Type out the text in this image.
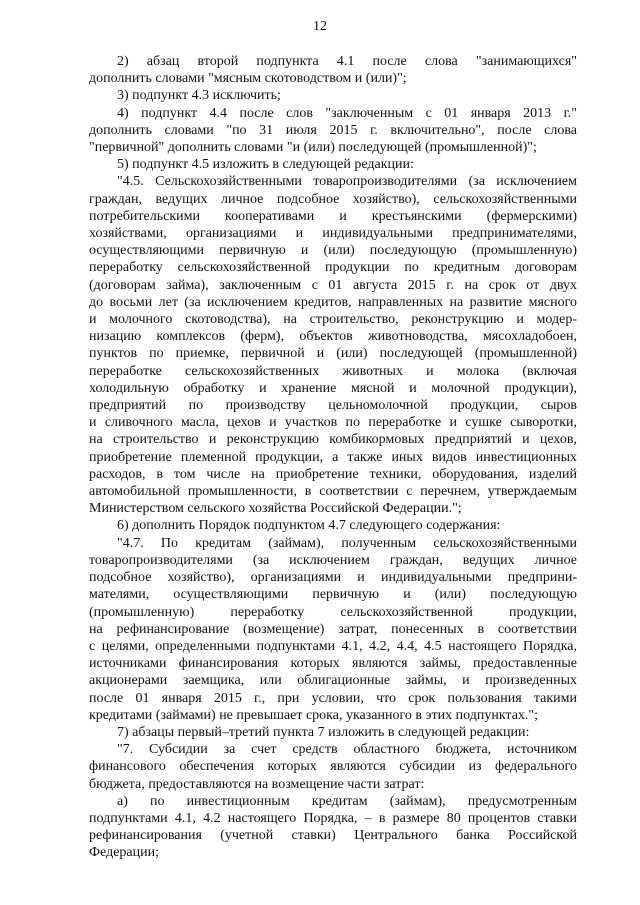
12
2) абзац второй подпункта 4.1 после слова "занимающихся"
дополнить словами "мясным скотоводством и (или)";
3) подпункт 4.3 исключить;
4) подпункт 4.4 после слов "заключенным с 01 января 2013 г."
дополнить словами "по 31 июля 2015 г. включительно", после слова
"первичной" дополнить словами "и (или) последующей (промышленной)";
5) подпункт 4.5 изложить в следующей редакции:
"4.5. Сельскохозяйственными товаропроизводителями (за исключением
граждан, ведущих личное подсобное хозяйство), сельскохозяйственными
потребительскими кооперативами и крестьянскими (фермерскими)
хозяйствами, организациями и индивидуальными предпринимателями,
осуществляющими первичную и (или) последующую (промышленную)
переработку сельскохозяйственной продукции по кредитным договорам
(договорам займа), заключенным с 01 августа 2015 г. на срок от двух
до восьми лет (за исключением кредитов, направленных на развитие мясного
и молочного скотоводства), на строительство, реконструкцию и модер-
низацию комплексов (ферм), объектов животноводства, мясохладобоен,
пунктов по приемке, первичной и (или) последующей (промышленной)
переработке сельскохозяйственных животных и молока (включая
холодильную обработку и хранение мясной и молочной продукции),
предприятий по производству цельномолочной продукции, сыров
и сливочного масла, цехов и участков по переработке и сушке сыворотки,
на строительство и реконструкцию комбикормовых предприятий и цехов,
приобретение племенной продукции, а также иных видов инвестиционных
расходов, в том числе на приобретение техники, оборудования, изделий
автомобильной промышленности, в соответствии с перечнем, утверждаемым
Министерством сельского хозяйства Российской Федерации.";
6) дополнить Порядок подпунктом 4.7 следующего содержания:
"4.7. По кредитам (займам), полученным сельскохозяйственными
товаропроизводителями (за исключением граждан, ведущих личное
подсобное хозяйство), организациями и индивидуальными предприни-
мателями, осуществляющими первичную и (или) последующую
(промышленную) переработку сельскохозяйственной продукции,
на рефинансирование (возмещение) затрат, понесенных в соответствии
с целями, определенными подпунктами 4.1, 4.2, 4.4, 4.5 настоящего Порядка,
источниками финансирования которых являются займы, предоставленные
акционерами заемщика, или облигационные займы, и произведенных
после 01 января 2015 г., при условии, что срок пользования такими
кредитами (займами) не превышает срока, указанного в этих подпунктах.";
7) абзацы первый–третий пункта 7 изложить в следующей редакции:
"7. Субсидии за счет средств областного бюджета, источником
финансового обеспечения которых являются субсидии из федерального
бюджета, предоставляются на возмещение части затрат:
а) по инвестиционным кредитам (займам), предусмотренным
подпунктами 4.1, 4.2 настоящего Порядка, – в размере 80 процентов ставки
рефинансирования (учетной ставки) Центрального банка Российской
Федерации;
